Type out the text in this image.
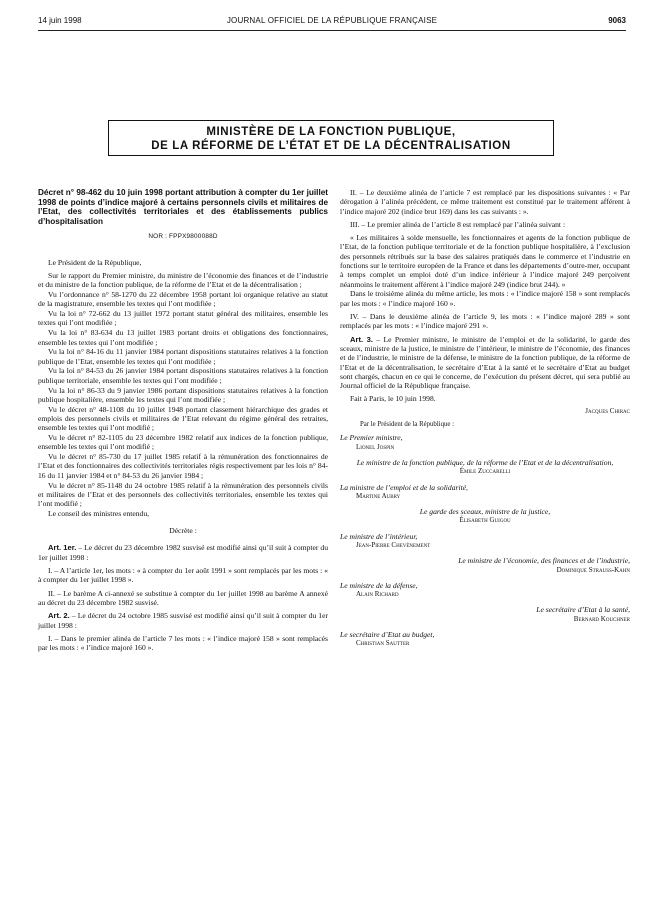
14 juin 1998	JOURNAL OFFICIEL DE LA RÉPUBLIQUE FRANÇAISE	9063
MINISTÈRE DE LA FONCTION PUBLIQUE,
DE LA RÉFORME DE L’ÉTAT ET DE LA DÉCENTRALISATION

Décret n° 98-462 du 10 juin 1998 portant attribution à compter du 1er juillet 1998 de points d’indice majoré à certains personnels civils et militaires de l’Etat, des collectivités territoriales et des établissements publics d’hospitalisation

NOR : FPPX9800088D

Le Président de la République,

Sur le rapport du Premier ministre, du ministre de l’économie des finances et de l’industrie et du ministre de la fonction publique, de la réforme de l’Etat et de la décentralisation ;

Vu l’ordonnance n° 58-1270 du 22 décembre 1958 portant loi organique relative au statut de la magistrature, ensemble les textes qui l’ont modifiée ;

Vu la loi n° 72-662 du 13 juillet 1972 portant statut général des militaires, ensemble les textes qui l’ont modifiée ;

Vu la loi n° 83-634 du 13 juillet 1983 portant droits et obligations des fonctionnaires, ensemble les textes qui l’ont modifiée ;

Vu la loi n° 84-16 du 11 janvier 1984 portant dispositions statutaires relatives à la fonction publique de l’Etat, ensemble les textes qui l’ont modifiée ;

Vu la loi n° 84-53 du 26 janvier 1984 portant dispositions statutaires relatives à la fonction publique territoriale, ensemble les textes qui l’ont modifiée ;

Vu la loi n° 86-33 du 9 janvier 1986 portant dispositions statutaires relatives à la fonction publique hospitalière, ensemble les textes qui l’ont modifiée ;

Vu le décret n° 48-1108 du 10 juillet 1948 portant classement hiérarchique des grades et emplois des personnels civils et militaires de l’Etat relevant du régime général des retraites, ensemble les textes qui l’ont modifié ;

Vu le décret n° 82-1105 du 23 décembre 1982 relatif aux indices de la fonction publique, ensemble les textes qui l’ont modifié ;

Vu le décret n° 85-730 du 17 juillet 1985 relatif à la rémunération des fonctionnaires de l’Etat et des fonctionnaires des collectivités territoriales régis respectivement par les lois n° 84-16 du 11 janvier 1984 et n° 84-53 du 26 janvier 1984 ;

Vu le décret n° 85-1148 du 24 octobre 1985 relatif à la rémunération des personnels civils et militaires de l’Etat et des personnels des collectivités territoriales, ensemble les textes qui l’ont modifié ;

Le conseil des ministres entendu,

Décrète :

Art. 1er. – Le décret du 23 décembre 1982 susvisé est modifié ainsi qu’il suit à compter du 1er juillet 1998 :

I. – A l’article 1er, les mots : « à compter du 1er août 1991 » sont remplacés par les mots : « à compter du 1er juillet 1998 ».

II. – Le barème A ci-annexé se substitue à compter du 1er juillet 1998 au barème A annexé au décret du 23 décembre 1982 susvisé.

Art. 2. – Le décret du 24 octobre 1985 susvisé est modifié ainsi qu’il suit à compter du 1er juillet 1998 :

I. – Dans le premier alinéa de l’article 7 les mots : « l’indice majoré 158 » sont remplacés par les mots : « l’indice majoré 160 ».

II. – Le deuxième alinéa de l’article 7 est remplacé par les dispositions suivantes : « Par dérogation à l’alinéa précédent, ce même traitement est constitué par le traitement afférent à l’indice majoré 202 (indice brut 169) dans les cas suivants : ».

III. – Le premier alinéa de l’article 8 est remplacé par l’alinéa suivant :

« Les militaires à solde mensuelle, les fonctionnaires et agents de la fonction publique de l’Etat, de la fonction publique territoriale et de la fonction publique hospitalière, à l’exclusion des personnels rétribués sur la base des salaires pratiqués dans le commerce et l’industrie en fonctions sur le territoire européen de la France et dans les départements d’outre-mer, occupant à temps complet un emploi doté d’un indice inférieur à l’indice majoré 249 perçoivent néanmoins le traitement afférent à l’indice majoré 249 (indice brut 244). »

Dans le troisième alinéa du même article, les mots : « l’indice majoré 158 » sont remplacés par les mots : « l’indice majoré 160 ».

IV. – Dans le deuxième alinéa de l’article 9, les mots : « l’indice majoré 289 » sont remplacés par les mots : « l’indice majoré 291 ».

Art. 3. – Le Premier ministre, le ministre de l’emploi et de la solidarité, le garde des sceaux, ministre de la justice, le ministre de l’intérieur, le ministre de l’économie, des finances et de l’industrie, le ministre de la défense, le ministre de la fonction publique, de la réforme de l’Etat et de la décentralisation, le secrétaire d’Etat à la santé et le secrétaire d’Etat au budget sont chargés, chacun en ce qui le concerne, de l’exécution du présent décret, qui sera publié au Journal officiel de la République française.

Fait à Paris, le 10 juin 1998.

Jacques Chirac
Par le Président de la République :
Le Premier ministre,
Lionel Jospin
Le ministre de la fonction publique, de la réforme de l’Etat et de la décentralisation,
Émile Zuccarelli
La ministre de l’emploi et de la solidarité,
Martine Aubry
Le garde des sceaux, ministre de la justice,
Élisabeth Guigou
Le ministre de l’intérieur,
Jean-Pierre Chevènement
Le ministre de l’économie, des finances et de l’industrie,
Dominique Strauss-Kahn
Le ministre de la défense,
Alain Richard
Le secrétaire d’Etat à la santé,
Bernard Kouchner
Le secrétaire d’Etat au budget,
Christian Sautter
